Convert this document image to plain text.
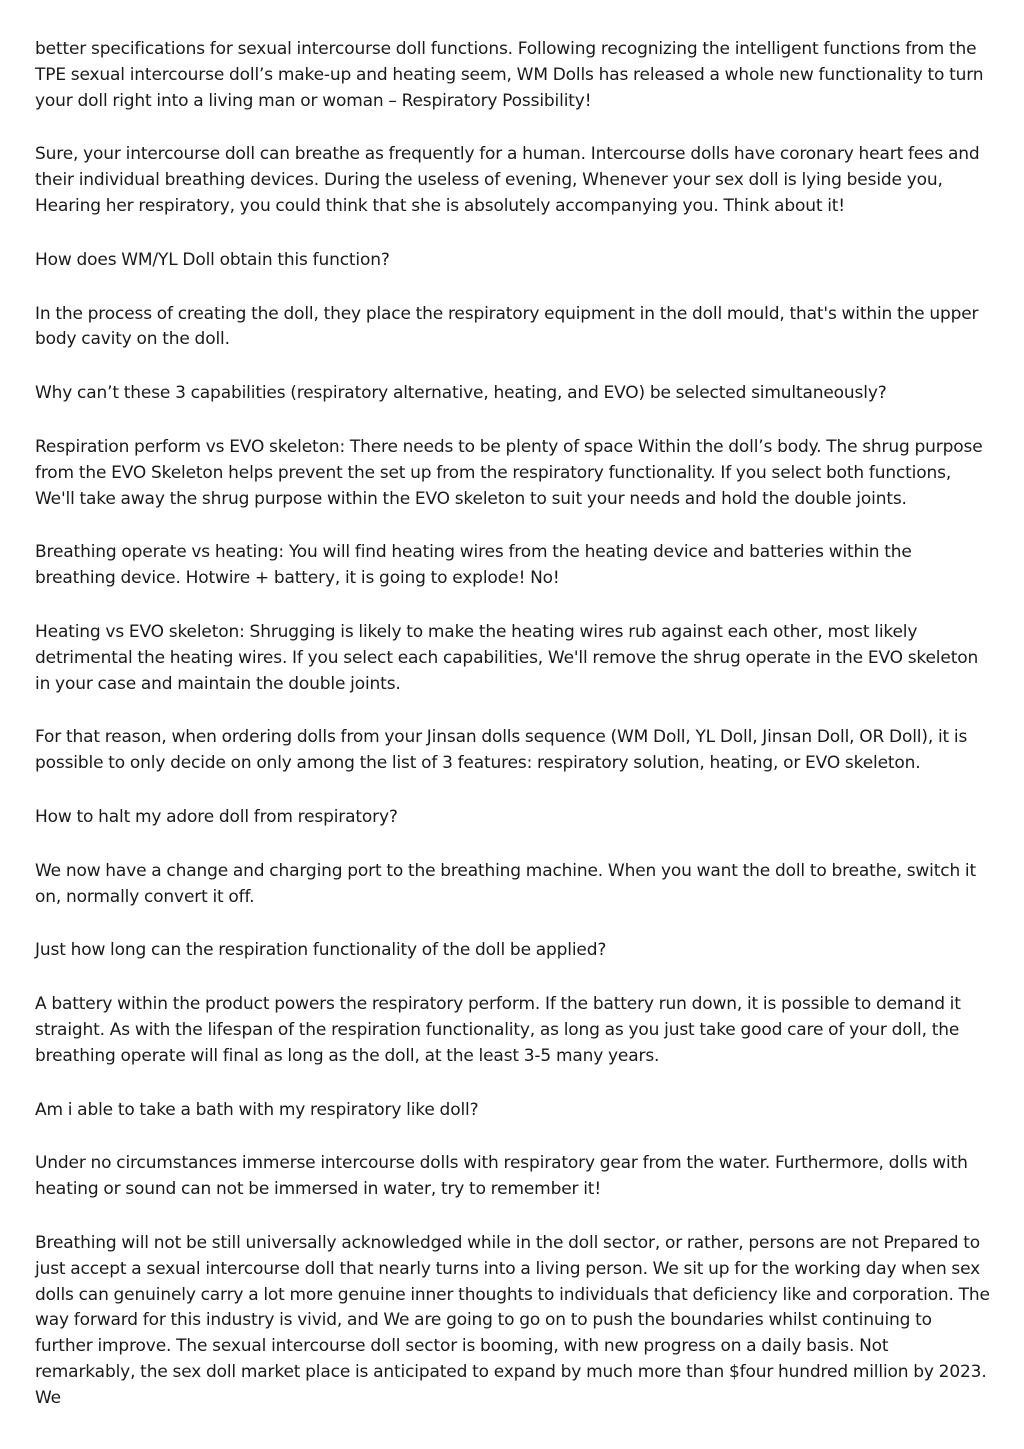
better specifications for sexual intercourse doll functions. Following recognizing the intelligent functions from the TPE sexual intercourse doll’s make-up and heating seem, WM Dolls has released a whole new functionality to turn your doll right into a living man or woman – Respiratory Possibility!

Sure, your intercourse doll can breathe as frequently for a human. Intercourse dolls have coronary heart fees and their individual breathing devices. During the useless of evening, Whenever your sex doll is lying beside you, Hearing her respiratory, you could think that she is absolutely accompanying you. Think about it!

How does WM/YL Doll obtain this function?

In the process of creating the doll, they place the respiratory equipment in the doll mould, that's within the upper body cavity on the doll.

Why can’t these 3 capabilities (respiratory alternative, heating, and EVO) be selected simultaneously?

Respiration perform vs EVO skeleton: There needs to be plenty of space Within the doll’s body. The shrug purpose from the EVO Skeleton helps prevent the set up from the respiratory functionality. If you select both functions, We'll take away the shrug purpose within the EVO skeleton to suit your needs and hold the double joints.

Breathing operate vs heating: You will find heating wires from the heating device and batteries within the breathing device. Hotwire + battery, it is going to explode! No!

Heating vs EVO skeleton: Shrugging is likely to make the heating wires rub against each other, most likely detrimental the heating wires. If you select each capabilities, We'll remove the shrug operate in the EVO skeleton in your case and maintain the double joints.

For that reason, when ordering dolls from your Jinsan dolls sequence (WM Doll, YL Doll, Jinsan Doll, OR Doll), it is possible to only decide on only among the list of 3 features: respiratory solution, heating, or EVO skeleton.

How to halt my adore doll from respiratory?

We now have a change and charging port to the breathing machine. When you want the doll to breathe, switch it on, normally convert it off.

Just how long can the respiration functionality of the doll be applied?

A battery within the product powers the respiratory perform. If the battery run down, it is possible to demand it straight. As with the lifespan of the respiration functionality, as long as you just take good care of your doll, the breathing operate will final as long as the doll, at the least 3-5 many years.

Am i able to take a bath with my respiratory like doll?

Under no circumstances immerse intercourse dolls with respiratory gear from the water. Furthermore, dolls with heating or sound can not be immersed in water, try to remember it!

Breathing will not be still universally acknowledged while in the doll sector, or rather, persons are not Prepared to just accept a sexual intercourse doll that nearly turns into a living person. We sit up for the working day when sex dolls can genuinely carry a lot more genuine inner thoughts to individuals that deficiency like and corporation. The way forward for this industry is vivid, and We are going to go on to push the boundaries whilst continuing to further improve. The sexual intercourse doll sector is booming, with new progress on a daily basis. Not remarkably, the sex doll market place is anticipated to expand by much more than $four hundred million by 2023. We
